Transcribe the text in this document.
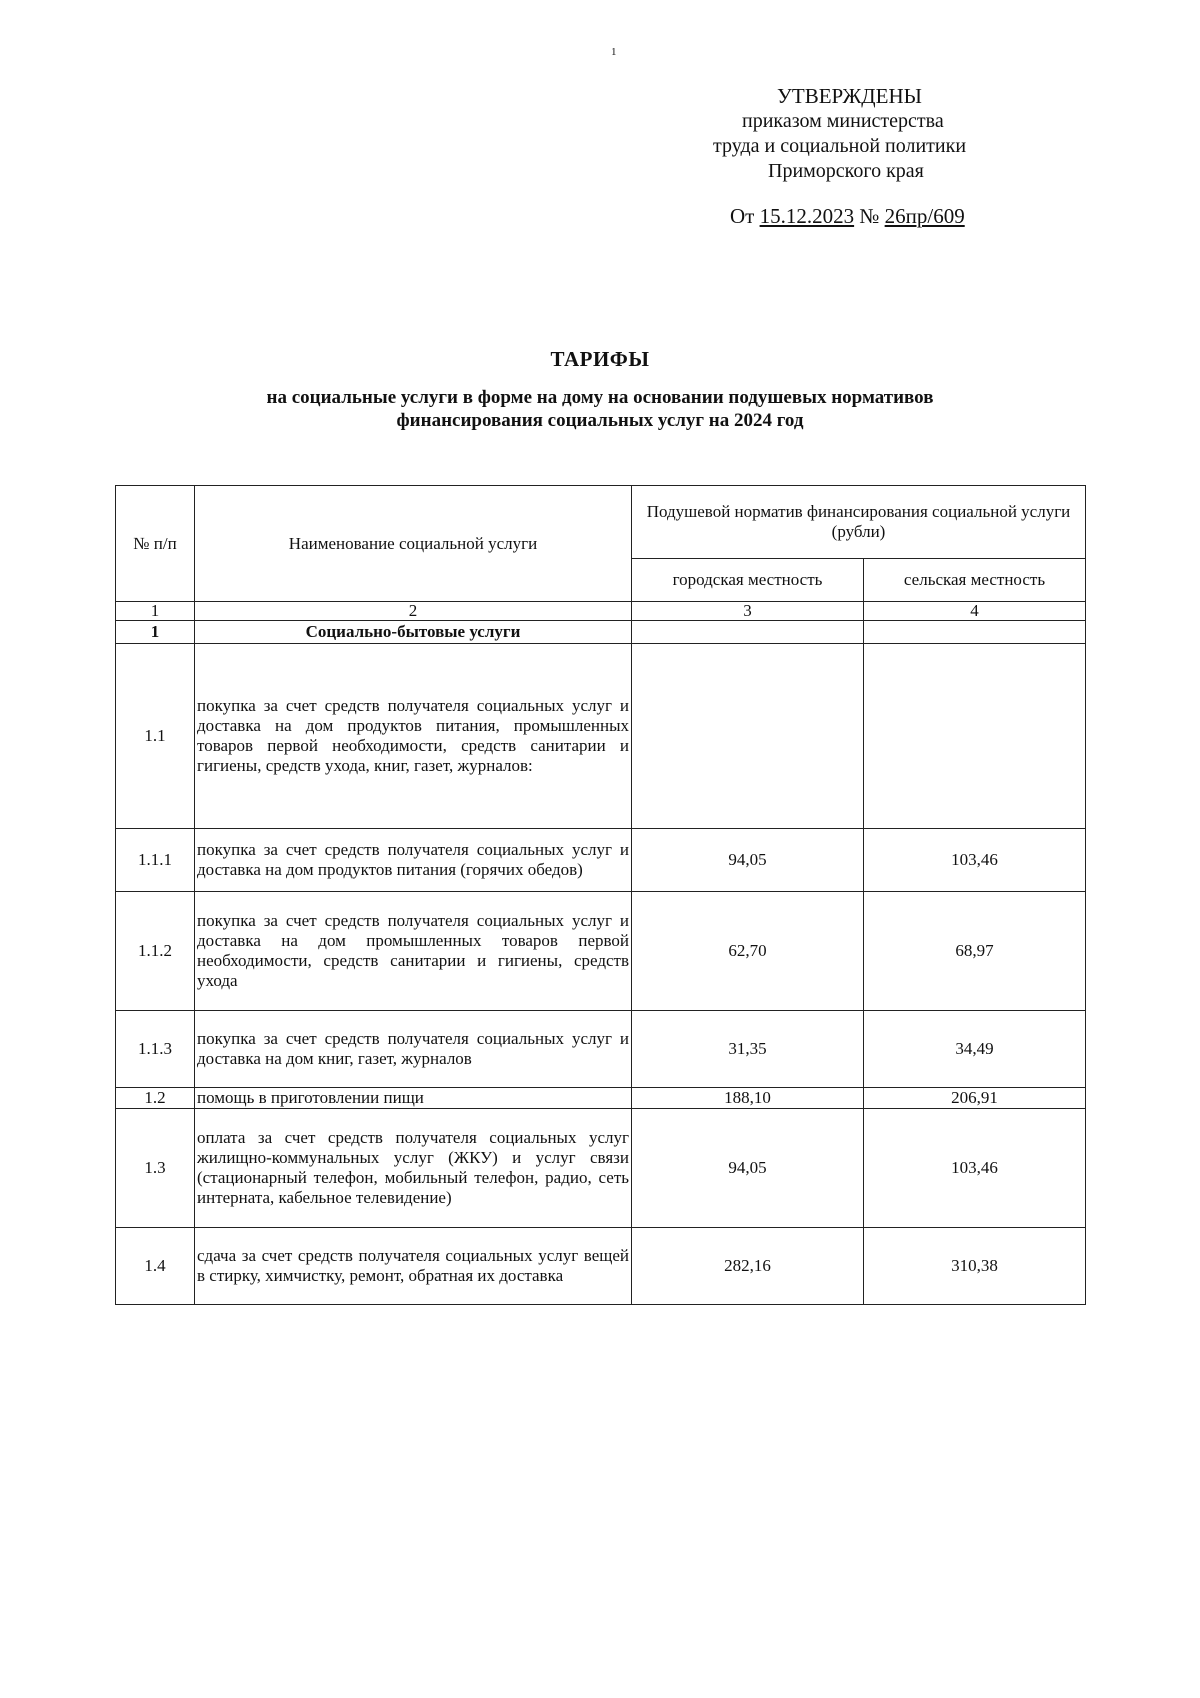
1
УТВЕРЖДЕНЫ
приказом министерства
труда и социальной политики
Приморского края
От 15.12.2023 № 26пр/609
ТАРИФЫ
на социальные услуги в форме на дому на основании подушевых нормативов
финансирования социальных услуг на 2024 год
№ п/п	Наименование социальной услуги	Подушевой норматив финансирования социальной услуги (рубли)	
		городская местность	сельская местность
1	2	3	4
1	Социально-бытовые услуги		
1.1	покупка за счет средств получателя социальных услуг и доставка на дом продуктов питания, промышленных товаров первой необходимости, средств санитарии и гигиены, средств ухода, книг, газет, журналов:		
1.1.1	покупка за счет средств получателя социальных услуг и доставка на дом продуктов питания (горячих обедов)	94,05	103,46
1.1.2	покупка за счет средств получателя социальных услуг и доставка на дом промышленных товаров первой необходимости, средств санитарии и гигиены, средств ухода	62,70	68,97
1.1.3	покупка за счет средств получателя социальных услуг и доставка на дом книг, газет, журналов	31,35	34,49
1.2	помощь в приготовлении пищи	188,10	206,91
1.3	оплата за счет средств получателя социальных услуг жилищно-коммунальных услуг (ЖКУ) и услуг связи (стационарный телефон, мобильный телефон, радио, сеть интерната, кабельное телевидение)	94,05	103,46
1.4	сдача за счет средств получателя социальных услуг вещей в стирку, химчистку, ремонт, обратная их доставка	282,16	310,38
